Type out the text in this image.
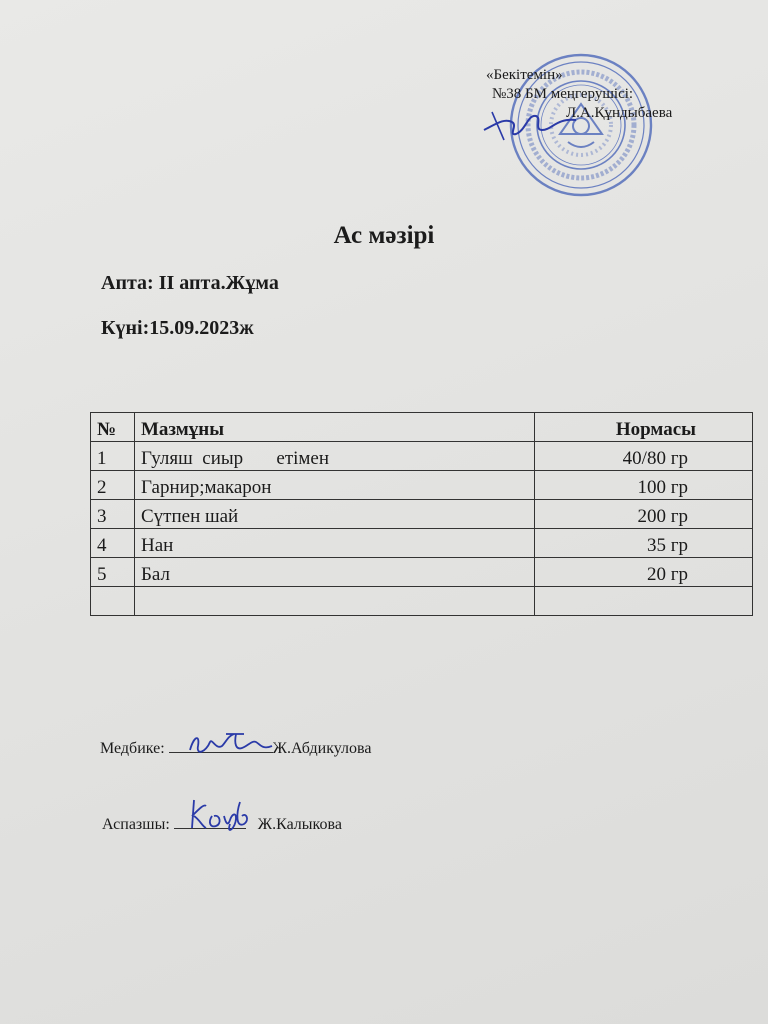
«Бекітемін»
№38 БМ меңгерушісі:
Л.А.Құндыбаева
Ас мәзірі
Апта: II апта.Жұма
Күні:15.09.2023ж
№	Мазмұны	Нормасы
1	Гуляш  сиыр       етімен	40/80 гр
2	Гарнир;макарон	100 гр
3	Сүтпен шай	200 гр
4	Нан	35 гр
5	Бал	20 гр

Медбике:	Ж.Абдикулова
Аспазшы:	Ж.Калыкова
